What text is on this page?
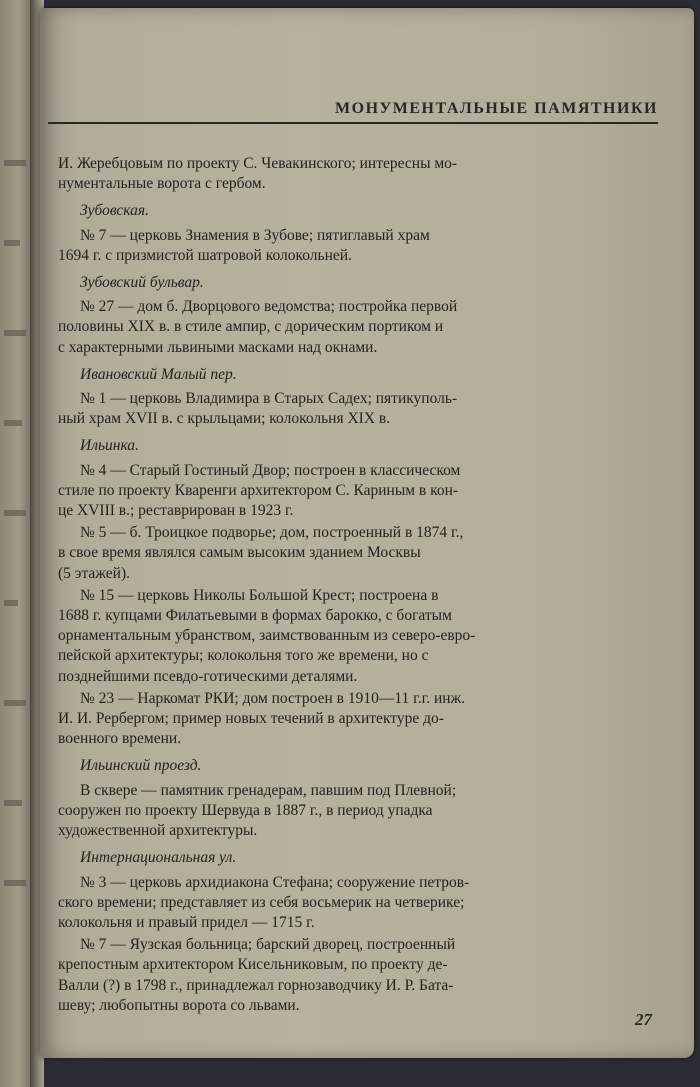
МОНУМЕНТАЛЬНЫЕ ПАМЯТНИКИ
И. Жеребцовым по проекту С. Чевакинского; интересны мо-
нументальные ворота с гербом.
Зубовская.
№ 7 — церковь Знамения в Зубове; пятиглавый храм
1694 г. с призмистой шатровой колокольней.
Зубовский бульвар.
№ 27 — дом б. Дворцового ведомства; постройка первой
половины XIX в. в стиле ампир, с дорическим портиком и
с характерными львиными масками над окнами.
Ивановский Малый пер.
№ 1 — церковь Владимира в Старых Садех; пятикуполь-
ный храм XVII в. с крыльцами; колокольня XIX в.
Ильинка.
№ 4 — Старый Гостиный Двор; построен в классическом
стиле по проекту Кваренги архитектором С. Кариным в кон-
це XVIII в.; реставрирован в 1923 г.
№ 5 — б. Троицкое подворье; дом, построенный в 1874 г.,
в свое время являлся самым высоким зданием Москвы
(5 этажей).
№ 15 — церковь Николы Большой Крест; построена в
1688 г. купцами Филатьевыми в формах барокко, с богатым
орнаментальным убранством, заимствованным из северо-евро-
пейской архитектуры; колокольня того же времени, но с
позднейшими псевдо-готическими деталями.
№ 23 — Наркомат РКИ; дом построен в 1910—11 г.г. инж.
И. И. Рербергом; пример новых течений в архитектуре до-
военного времени.
Ильинский проезд.
В сквере — памятник гренадерам, павшим под Плевной;
сооружен по проекту Шервуда в 1887 г., в период упадка
художественной архитектуры.
Интернациональная ул.
№ 3 — церковь архидиакона Стефана; сооружение петров-
ского времени; представляет из себя восьмерик на четверике;
колокольня и правый придел — 1715 г.
№ 7 — Яузская больница; барский дворец, построенный
крепостным архитектором Кисельниковым, по проекту де-
Валли (?) в 1798 г., принадлежал горнозаводчику И. Р. Бата-
шеву; любопытны ворота со львами.
27
